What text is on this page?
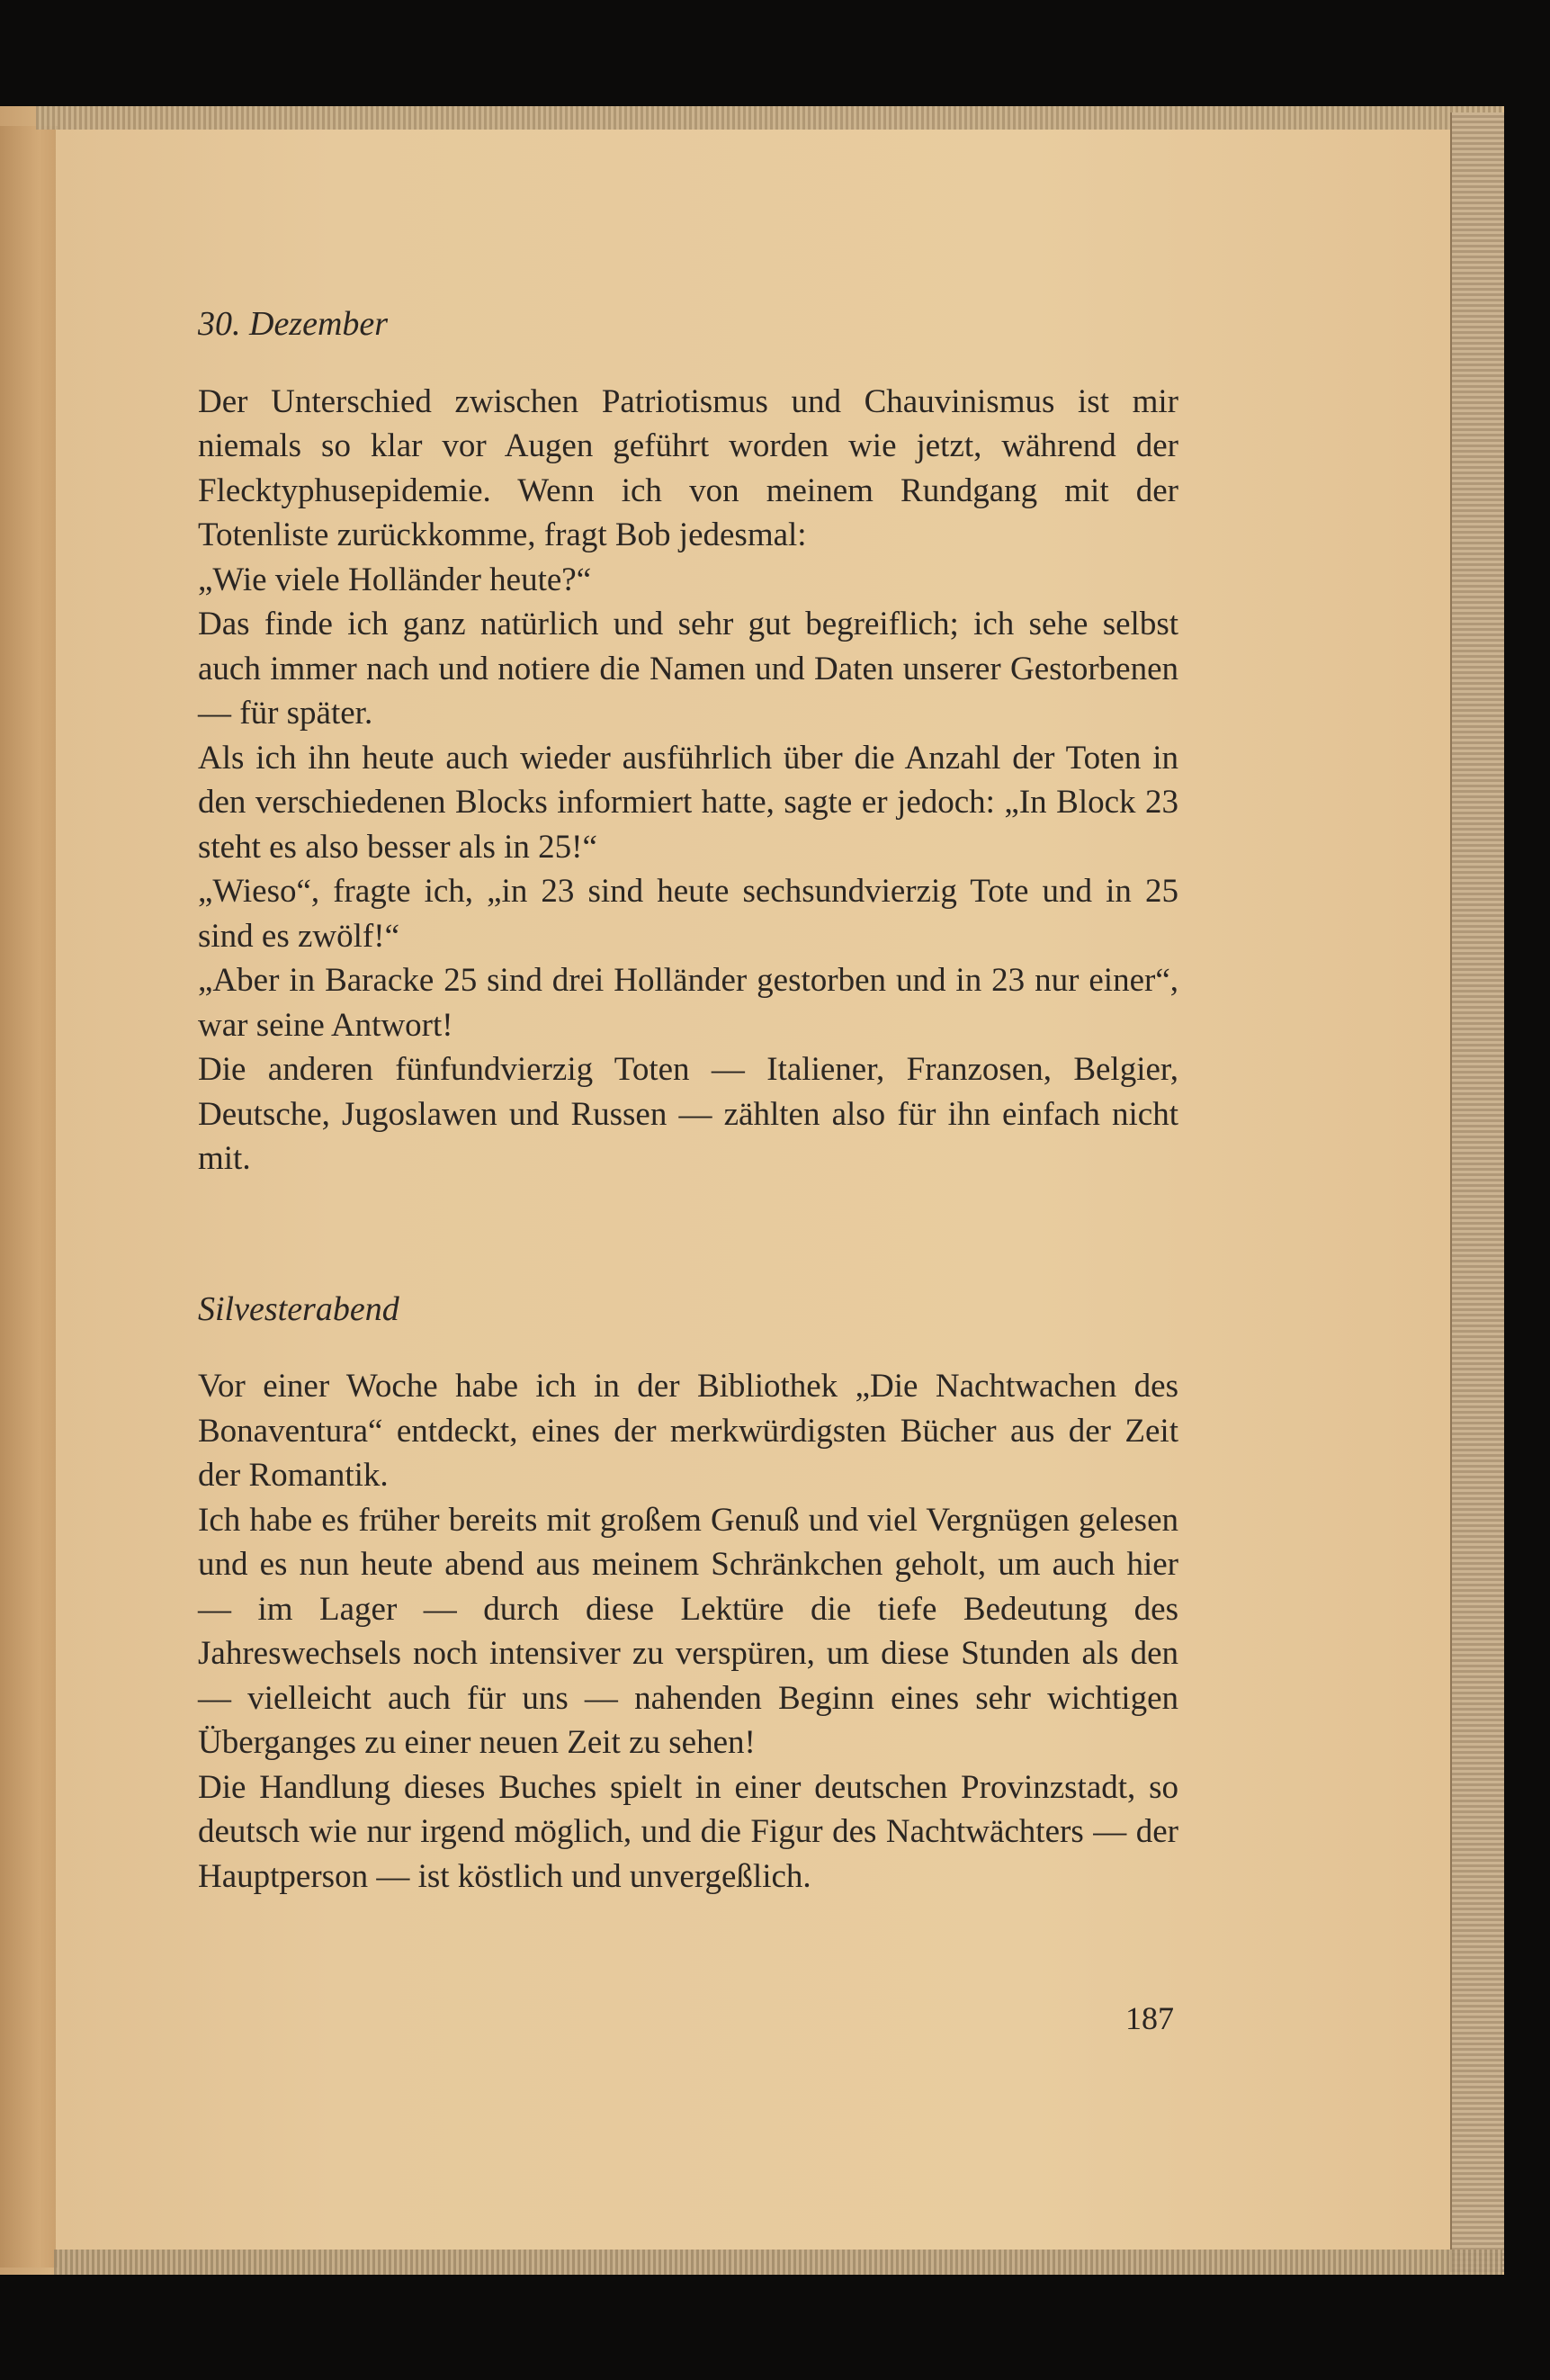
30. Dezember

Der Unterschied zwischen Patriotismus und Chauvinismus ist mir niemals so klar vor Augen geführt worden wie jetzt, während der Flecktyphusepidemie. Wenn ich von meinem Rundgang mit der Totenliste zurückkomme, fragt Bob jedesmal:

„Wie viele Holländer heute?“

Das finde ich ganz natürlich und sehr gut begreiflich; ich sehe selbst auch immer nach und notiere die Namen und Daten unserer Gestorbenen — für später.

Als ich ihn heute auch wieder ausführlich über die Anzahl der Toten in den verschiedenen Blocks informiert hatte, sagte er jedoch: „In Block 23 steht es also besser als in 25!“

„Wieso“, fragte ich, „in 23 sind heute sechsundvierzig Tote und in 25 sind es zwölf!“

„Aber in Baracke 25 sind drei Holländer gestorben und in 23 nur einer“, war seine Antwort!

Die anderen fünfundvierzig Toten — Italiener, Franzosen, Belgier, Deutsche, Jugoslawen und Russen — zählten also für ihn einfach nicht mit.

Silvesterabend

Vor einer Woche habe ich in der Bibliothek „Die Nachtwachen des Bonaventura“ entdeckt, eines der merkwürdigsten Bücher aus der Zeit der Romantik.

Ich habe es früher bereits mit großem Genuß und viel Vergnügen gelesen und es nun heute abend aus meinem Schränkchen geholt, um auch hier — im Lager — durch diese Lektüre die tiefe Bedeutung des Jahreswechsels noch intensiver zu verspüren, um diese Stunden als den — vielleicht auch für uns — nahenden Beginn eines sehr wichtigen Überganges zu einer neuen Zeit zu sehen!

Die Handlung dieses Buches spielt in einer deutschen Provinzstadt, so deutsch wie nur irgend möglich, und die Figur des Nachtwächters — der Hauptperson — ist köstlich und unvergeßlich.

187
